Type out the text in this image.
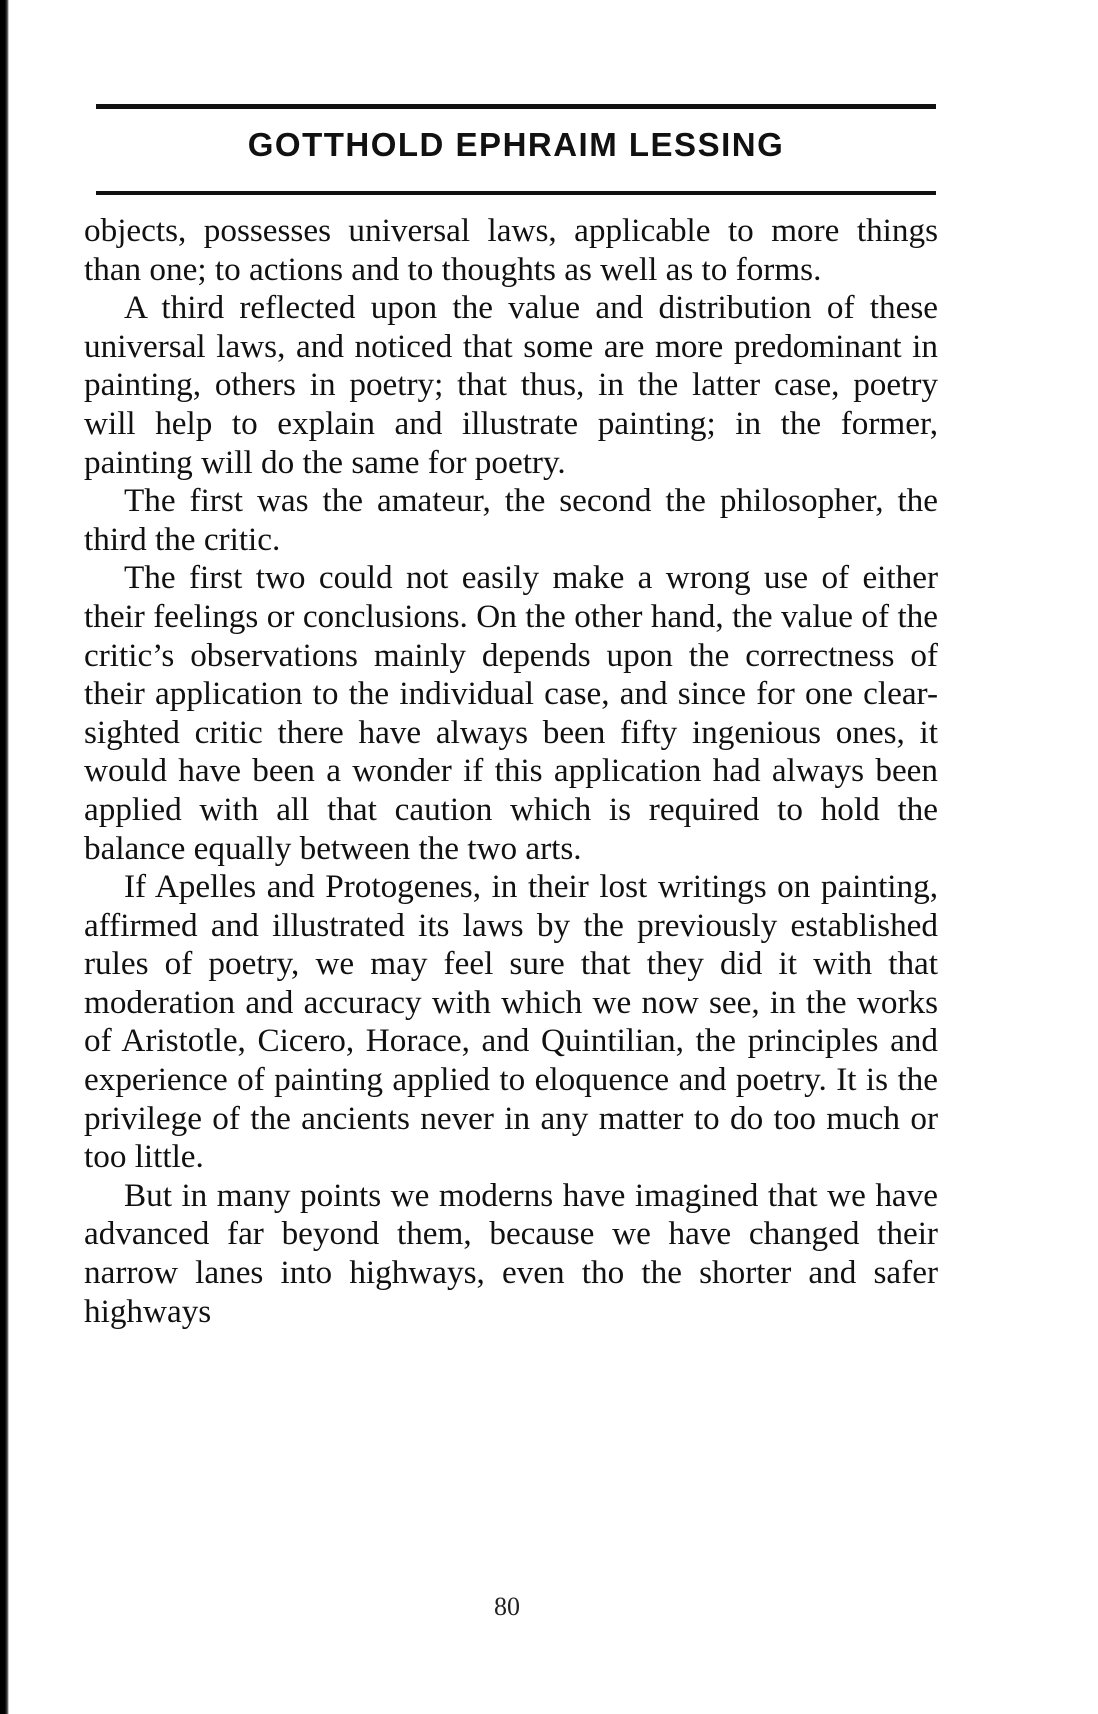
GOTTHOLD EPHRAIM LESSING

objects, possesses universal laws, applicable to more things than one; to actions and to thoughts as well as to forms.

A third reflected upon the value and distribution of these universal laws, and noticed that some are more predominant in painting, others in poetry; that thus, in the latter case, poetry will help to explain and illustrate painting; in the former, painting will do the same for poetry.

The first was the amateur, the second the philosopher, the third the critic.

The first two could not easily make a wrong use of either their feelings or conclusions. On the other hand, the value of the critic’s observations mainly depends upon the correctness of their application to the individual case, and since for one clear-sighted critic there have always been fifty ingenious ones, it would have been a wonder if this application had always been applied with all that caution which is required to hold the balance equally between the two arts.

If Apelles and Protogenes, in their lost writings on painting, affirmed and illustrated its laws by the previously established rules of poetry, we may feel sure that they did it with that moderation and accuracy with which we now see, in the works of Aristotle, Cicero, Horace, and Quintilian, the principles and experience of painting applied to eloquence and poetry. It is the privilege of the ancients never in any matter to do too much or too little.

But in many points we moderns have imagined that we have advanced far beyond them, because we have changed their narrow lanes into highways, even tho the shorter and safer highways

80
